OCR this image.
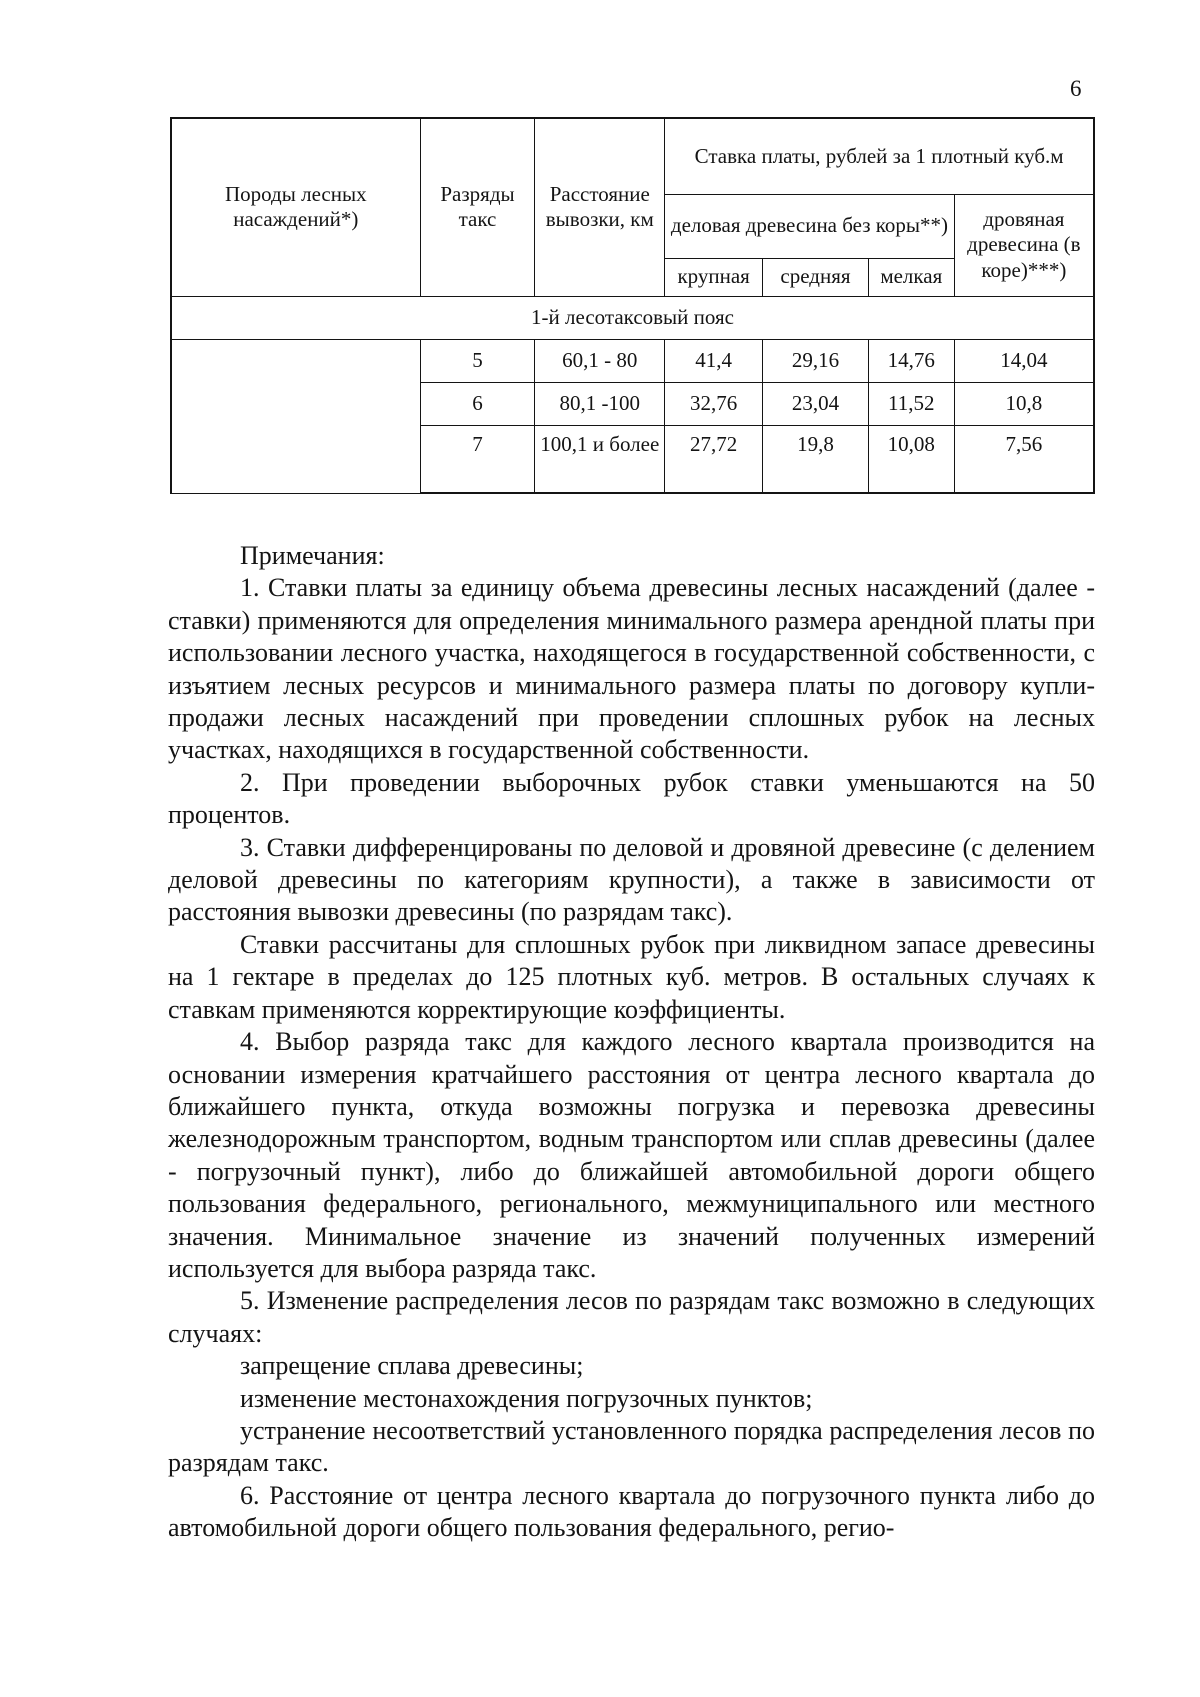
6
Породы лесных насаждений*)	Разряды такс	Расстояние вывозки, км	Ставка платы, рублей за 1 плотный куб.м			
			деловая древесина без коры**)			дровяная древесина (в коре)***)
			крупная	средняя	мелкая	
1-й лесотаксовый пояс						
	5	60,1 - 80	41,4	29,16	14,76	14,04
	6	80,1 -100	32,76	23,04	11,52	10,8
	7	100,1 и более	27,72	19,8	10,08	7,56

Примечания:

1. Ставки платы за единицу объема древесины лесных насаждений (далее - ставки) применяются для определения минимального размера арендной платы при использовании лесного участка, находящегося в государственной собственности, с изъятием лесных ресурсов и минимального размера платы по договору купли-продажи лесных насаждений при проведении сплошных рубок на лесных участках, находящихся в государственной собственности.

2. При проведении выборочных рубок ставки уменьшаются на 50 процентов.

3. Ставки дифференцированы по деловой и дровяной древесине (с делением деловой древесины по категориям крупности), а также в зависимости от расстояния вывозки древесины (по разрядам такс).

Ставки рассчитаны для сплошных рубок при ликвидном запасе древесины на 1 гектаре в пределах до 125 плотных куб. метров. В остальных случаях к ставкам применяются корректирующие коэффициенты.

4. Выбор разряда такс для каждого лесного квартала производится на основании измерения кратчайшего расстояния от центра лесного квартала до ближайшего пункта, откуда возможны погрузка и перевозка древесины железнодорожным транспортом, водным транспортом или сплав древесины (далее - погрузочный пункт), либо до ближайшей автомобильной дороги общего пользования федерального, регионального, межмуниципального или местного значения. Минимальное значение из значений полученных измерений используется для выбора разряда такс.

5. Изменение распределения лесов по разрядам такс возможно в следующих случаях:

запрещение сплава древесины;

изменение местонахождения погрузочных пунктов;

устранение несоответствий установленного порядка распределения лесов по разрядам такс.

6. Расстояние от центра лесного квартала до погрузочного пункта либо до автомобильной дороги общего пользования федерального, регио-
